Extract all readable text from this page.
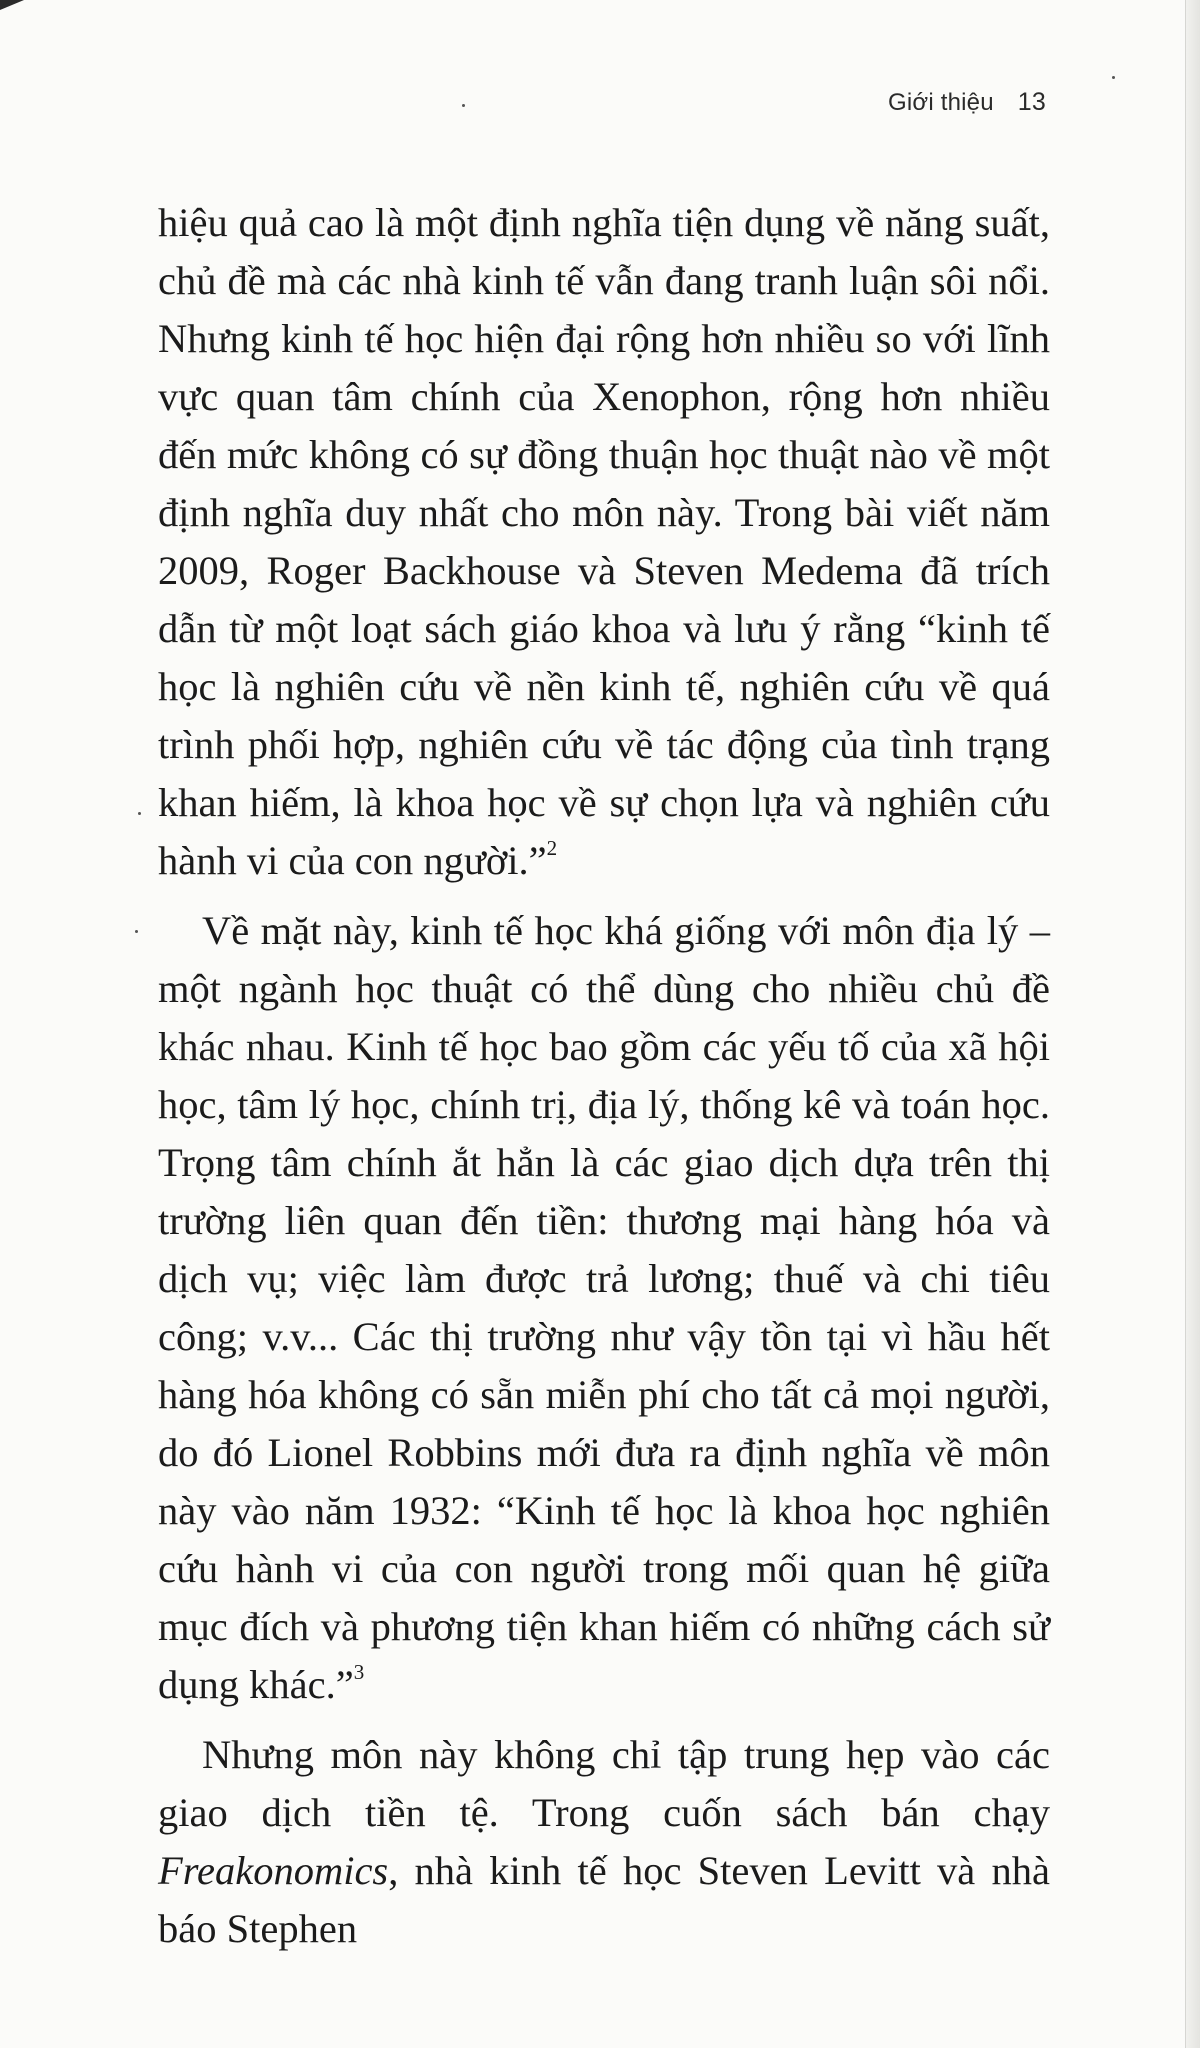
Giới thiệu 13

hiệu quả cao là một định nghĩa tiện dụng về năng suất, chủ đề mà các nhà kinh tế vẫn đang tranh luận sôi nổi. Nhưng kinh tế học hiện đại rộng hơn nhiều so với lĩnh vực quan tâm chính của Xenophon, rộng hơn nhiều đến mức không có sự đồng thuận học thuật nào về một định nghĩa duy nhất cho môn này. Trong bài viết năm 2009, Roger Backhouse và Steven Medema đã trích dẫn từ một loạt sách giáo khoa và lưu ý rằng “kinh tế học là nghiên cứu về nền kinh tế, nghiên cứu về quá trình phối hợp, nghiên cứu về tác động của tình trạng khan hiếm, là khoa học về sự chọn lựa và nghiên cứu hành vi của con người.”$^2$

Về mặt này, kinh tế học khá giống với môn địa lý – một ngành học thuật có thể dùng cho nhiều chủ đề khác nhau. Kinh tế học bao gồm các yếu tố của xã hội học, tâm lý học, chính trị, địa lý, thống kê và toán học. Trọng tâm chính ắt hẳn là các giao dịch dựa trên thị trường liên quan đến tiền: thương mại hàng hóa và dịch vụ; việc làm được trả lương; thuế và chi tiêu công; v.v... Các thị trường như vậy tồn tại vì hầu hết hàng hóa không có sẵn miễn phí cho tất cả mọi người, do đó Lionel Robbins mới đưa ra định nghĩa về môn này vào năm 1932: “Kinh tế học là khoa học nghiên cứu hành vi của con người trong mối quan hệ giữa mục đích và phương tiện khan hiếm có những cách sử dụng khác.”$^3$

Nhưng môn này không chỉ tập trung hẹp vào các giao dịch tiền tệ. Trong cuốn sách bán chạy Freakonomics, nhà kinh tế học Steven Levitt và nhà báo Stephen
